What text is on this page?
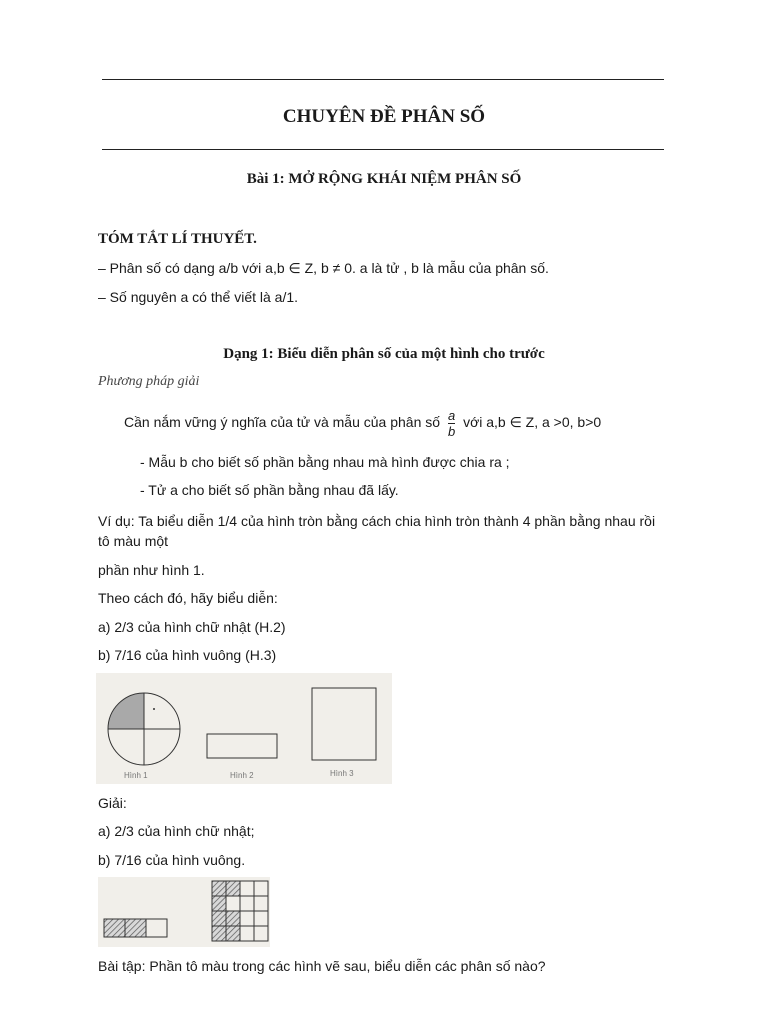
CHUYÊN ĐỀ PHÂN SỐ
Bài 1: MỞ RỘNG KHÁI NIỆM PHÂN SỐ
TÓM TẮT LÍ THUYẾT.
– Phân số có dạng a/b với a,b ∈ Z, b ≠ 0. a là tử , b là mẫu của phân số.
– Số nguyên a có thể viết là a/1.
Dạng 1: Biểu diễn phân số của một hình cho trước
Phương pháp giải
Cần nắm vững ý nghĩa của tử và mẫu của phân số $\frac{a}{b}$ với a,b ∈ Z, a >0, b>0
- Mẫu b cho biết số phần bằng nhau mà hình được chia ra ;
- Tử a cho biết số phần bằng nhau đã lấy.
Ví dụ: Ta biểu diễn 1/4 của hình tròn bằng cách chia hình tròn thành 4 phần bằng nhau rồi
tô màu một
phần như hình 1.
Theo cách đó, hãy biểu diễn:
a) 2/3 của hình chữ nhật (H.2)
b) 7/16 của hình vuông (H.3)
Hình 1	Hình 2	Hình 3
Giải:
a) 2/3 của hình chữ nhật;
b) 7/16 của hình vuông.
Bài tập: Phần tô màu trong các hình vẽ sau, biểu diễn các phân số nào?
